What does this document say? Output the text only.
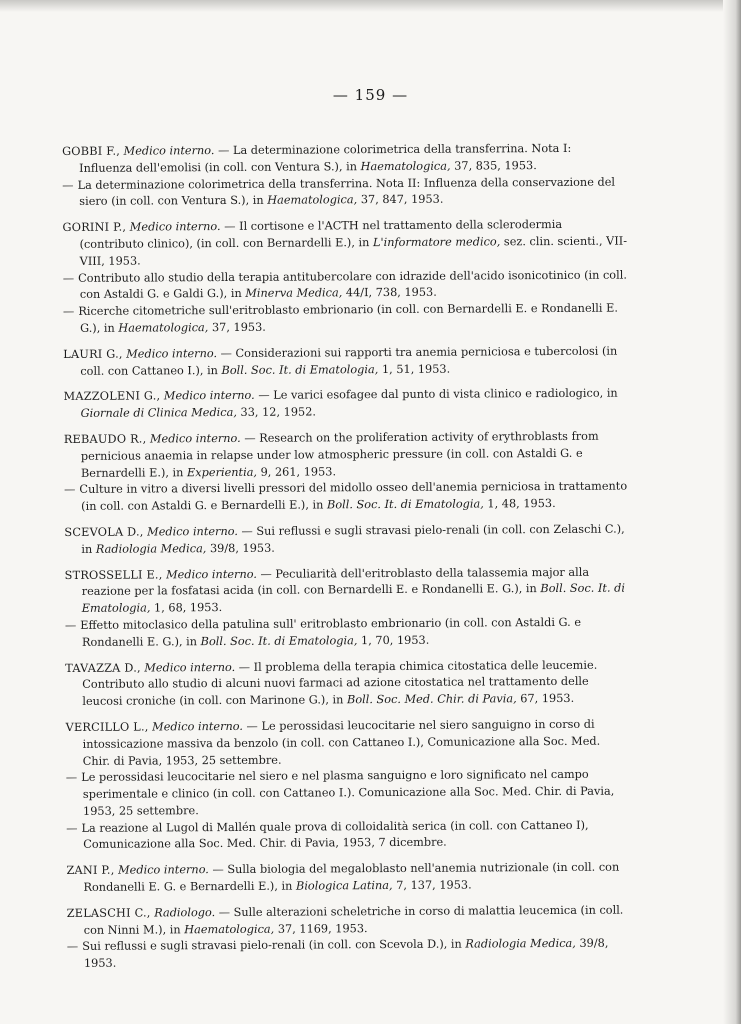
— 159 —

GOBBI F., Medico interno. — La determinazione colorimetrica della transferrina. Nota I: Influenza dell'emolisi (in coll. con Ventura S.), in Haematologica, 37, 835, 1953.

— La determinazione colorimetrica della transferrina. Nota II: Influenza della conservazione del siero (in coll. con Ventura S.), in Haematologica, 37, 847, 1953.

GORINI P., Medico interno. — Il cortisone e l'ACTH nel trattamento della sclerodermia (contributo clinico), (in coll. con Bernardelli E.), in L'informatore medico, sez. clin. scienti., VII-VIII, 1953.

— Contributo allo studio della terapia antitubercolare con idrazide dell'acido isonicotinico (in coll. con Astaldi G. e Galdi G.), in Minerva Medica, 44/I, 738, 1953.

— Ricerche citometriche sull'eritroblasto embrionario (in coll. con Bernardelli E. e Rondanelli E. G.), in Haematologica, 37, 1953.

LAURI G., Medico interno. — Considerazioni sui rapporti tra anemia perniciosa e tubercolosi (in coll. con Cattaneo I.), in Boll. Soc. It. di Ematologia, 1, 51, 1953.

MAZZOLENI G., Medico interno. — Le varici esofagee dal punto di vista clinico e radiologico, in Giornale di Clinica Medica, 33, 12, 1952.

REBAUDO R., Medico interno. — Research on the proliferation activity of erythroblasts from pernicious anaemia in relapse under low atmospheric pressure (in coll. con Astaldi G. e Bernardelli E.), in Experientia, 9, 261, 1953.

— Culture in vitro a diversi livelli pressori del midollo osseo dell'anemia perniciosa in trattamento (in coll. con Astaldi G. e Bernardelli E.), in Boll. Soc. It. di Ematologia, 1, 48, 1953.

SCEVOLA D., Medico interno. — Sui reflussi e sugli stravasi pielo-renali (in coll. con Zelaschi C.), in Radiologia Medica, 39/8, 1953.

STROSSELLI E., Medico interno. — Peculiarità dell'eritroblasto della talassemia major alla reazione per la fosfatasi acida (in coll. con Bernardelli E. e Rondanelli E. G.), in Boll. Soc. It. di Ematologia, 1, 68, 1953.

— Effetto mitoclasico della patulina sull' eritroblasto embrionario (in coll. con Astaldi G. e Rondanelli E. G.), in Boll. Soc. It. di Ematologia, 1, 70, 1953.

TAVAZZA D., Medico interno. — Il problema della terapia chimica citostatica delle leucemie. Contributo allo studio di alcuni nuovi farmaci ad azione citostatica nel trattamento delle leucosi croniche (in coll. con Marinone G.), in Boll. Soc. Med. Chir. di Pavia, 67, 1953.

VERCILLO L., Medico interno. — Le perossidasi leucocitarie nel siero sanguigno in corso di intossicazione massiva da benzolo (in coll. con Cattaneo I.), Comunicazione alla Soc. Med. Chir. di Pavia, 1953, 25 settembre.

— Le perossidasi leucocitarie nel siero e nel plasma sanguigno e loro significato nel campo sperimentale e clinico (in coll. con Cattaneo I.). Comunicazione alla Soc. Med. Chir. di Pavia, 1953, 25 settembre.

— La reazione al Lugol di Mallén quale prova di colloidalità serica (in coll. con Cattaneo I), Comunicazione alla Soc. Med. Chir. di Pavia, 1953, 7 dicembre.

ZANI P., Medico interno. — Sulla biologia del megaloblasto nell'anemia nutrizionale (in coll. con Rondanelli E. G. e Bernardelli E.), in Biologica Latina, 7, 137, 1953.

ZELASCHI C., Radiologo. — Sulle alterazioni scheletriche in corso di malattia leucemica (in coll. con Ninni M.), in Haematologica, 37, 1169, 1953.

— Sui reflussi e sugli stravasi pielo-renali (in coll. con Scevola D.), in Radiologia Medica, 39/8, 1953.
